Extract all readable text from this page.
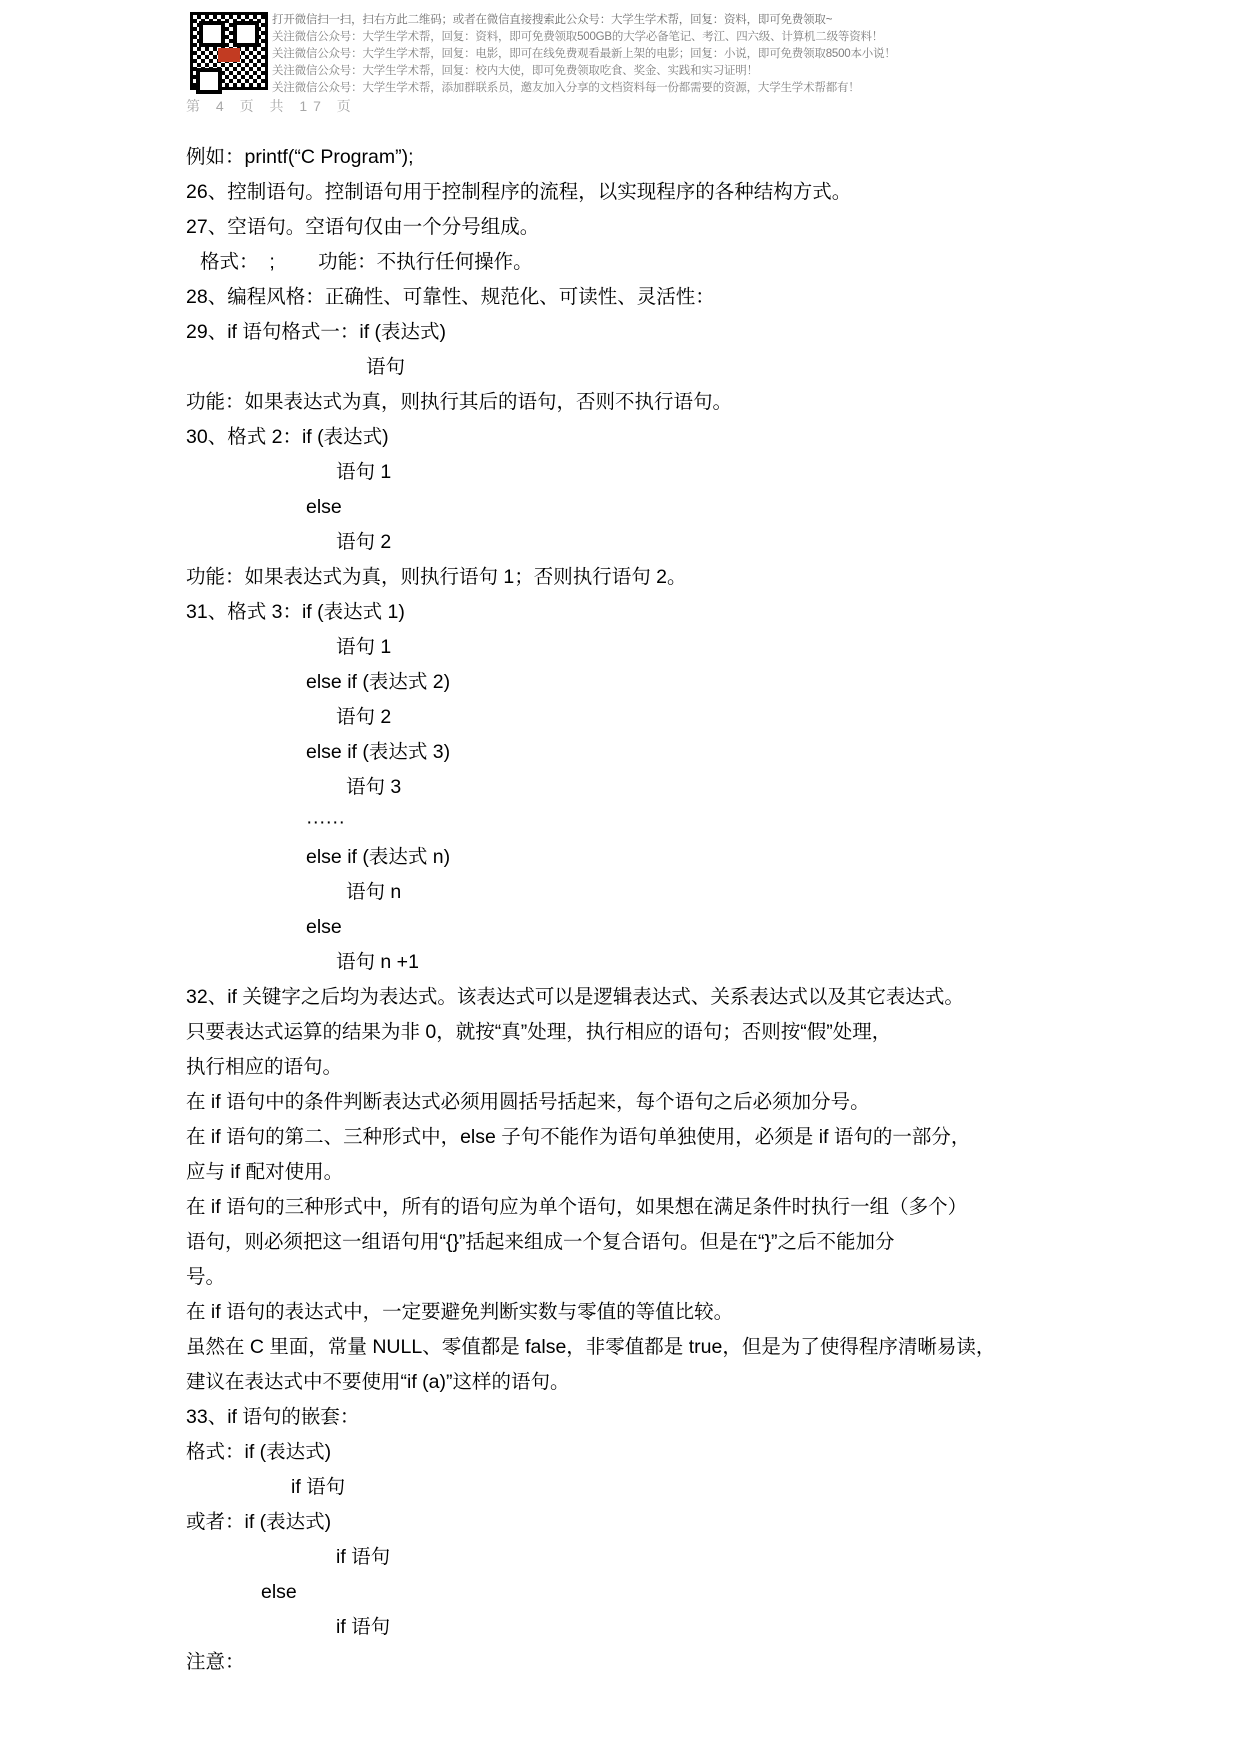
打开微信扫一扫，扫右方此二维码；或者在微信直接搜索此公众号：大学生学术帮，回复：资料，即可免费领取~
关注微信公众号：大学生学术帮，回复：资料，即可免费领取500GB的大学必备笔记、考江、四六级、计算机二级等资料！
关注微信公众号：大学生学术帮，回复：电影，即可在线免费观看最新上架的电影；回复：小说，即可免费领取8500本小说！
关注微信公众号：大学生学术帮，回复：校内大使，即可免费领取吃食、奖金、实践和实习证明！
关注微信公众号：大学生学术帮，添加群联系员，邀友加入分享的文档资料每一份都需要的资源，大学生学术帮都有！
第 4 页 共 17 页

例如：printf(“C Program”);

26、控制语句。控制语句用于控制程序的流程，以实现程序的各种结构方式。

27、空语句。空语句仅由一个分号组成。

格式：  ;        功能：不执行任何操作。

28、编程风格：正确性、可靠性、规范化、可读性、灵活性：

29、if 语句格式一：if (表达式)

语句

功能：如果表达式为真，则执行其后的语句，否则不执行语句。

30、格式 2：if (表达式)

语句 1

else

语句 2

功能：如果表达式为真，则执行语句 1；否则执行语句 2。

31、格式 3：if (表达式 1)

语句 1

else if (表达式 2)

语句 2

else if (表达式 3)

语句 3

······

else if (表达式 n)

语句 n

else

语句 n +1

32、if 关键字之后均为表达式。该表达式可以是逻辑表达式、关系表达式以及其它表达式。

只要表达式运算的结果为非 0，就按“真”处理，执行相应的语句；否则按“假”处理，

执行相应的语句。

在 if 语句中的条件判断表达式必须用圆括号括起来，每个语句之后必须加分号。

在 if 语句的第二、三种形式中，else 子句不能作为语句单独使用，必须是 if 语句的一部分，

应与 if 配对使用。

在 if 语句的三种形式中，所有的语句应为单个语句，如果想在满足条件时执行一组（多个）

语句，则必须把这一组语句用“{}”括起来组成一个复合语句。但是在“}”之后不能加分

号。

在 if 语句的表达式中，一定要避免判断实数与零值的等值比较。

虽然在 C 里面，常量 NULL、零值都是 false，非零值都是 true，但是为了使得程序清晰易读，

建议在表达式中不要使用“if (a)”这样的语句。

33、if 语句的嵌套：

格式：if (表达式)

if 语句

或者：if (表达式)

if 语句

else

if 语句

注意：
